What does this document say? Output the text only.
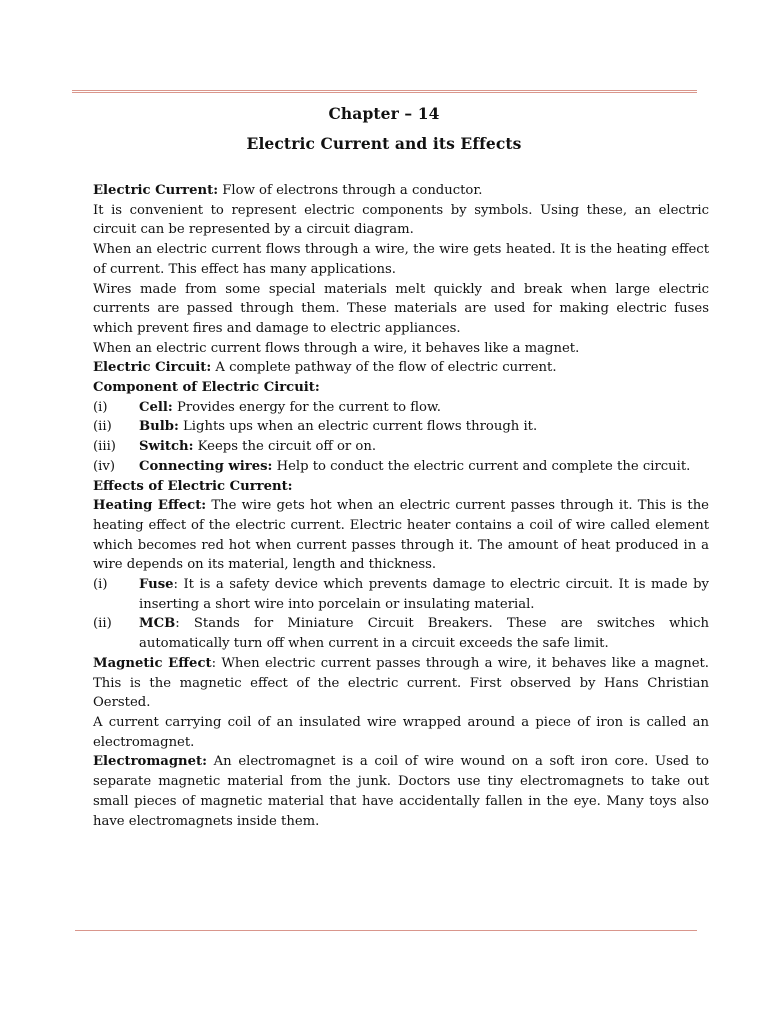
Chapter – 14
Electric Current and its Effects

Electric Current: Flow of electrons through a conductor.

It is convenient to represent electric components by symbols. Using these, an electric circuit can be represented by a circuit diagram.

When an electric current flows through a wire, the wire gets heated. It is the heating effect of current. This effect has many applications.

Wires made from some special materials melt quickly and break when large electric currents are passed through them. These materials are used for making electric fuses which prevent fires and damage to electric appliances.

When an electric current flows through a wire, it behaves like a magnet.

Electric Circuit: A complete pathway of the flow of electric current.

Component of Electric Circuit:

(i)	Cell: Provides energy for the current to flow.
(ii)	Bulb: Lights ups when an electric current flows through it.
(iii)	Switch: Keeps the circuit off or on.
(iv)	Connecting wires: Help to conduct the electric current and complete the circuit.

Effects of Electric Current:

Heating Effect: The wire gets hot when an electric current passes through it. This is the heating effect of the electric current. Electric heater contains a coil of wire called element which becomes red hot when current passes through it. The amount of heat produced in a wire depends on its material, length and thickness.

(i)	Fuse: It is a safety device which prevents damage to electric circuit. It is made by inserting a short wire into porcelain or insulating material.
(ii)	MCB: Stands for Miniature Circuit Breakers. These are switches which automatically turn off when current in a circuit exceeds the safe limit.

Magnetic Effect: When electric current passes through a wire, it behaves like a magnet. This is the magnetic effect of the electric current. First observed by Hans Christian Oersted.

A current carrying coil of an insulated wire wrapped around a piece of iron is called an electromagnet.

Electromagnet: An electromagnet is a coil of wire wound on a soft iron core. Used to separate magnetic material from the junk. Doctors use tiny electromagnets to take out small pieces of magnetic material that have accidentally fallen in the eye. Many toys also have electromagnets inside them.
